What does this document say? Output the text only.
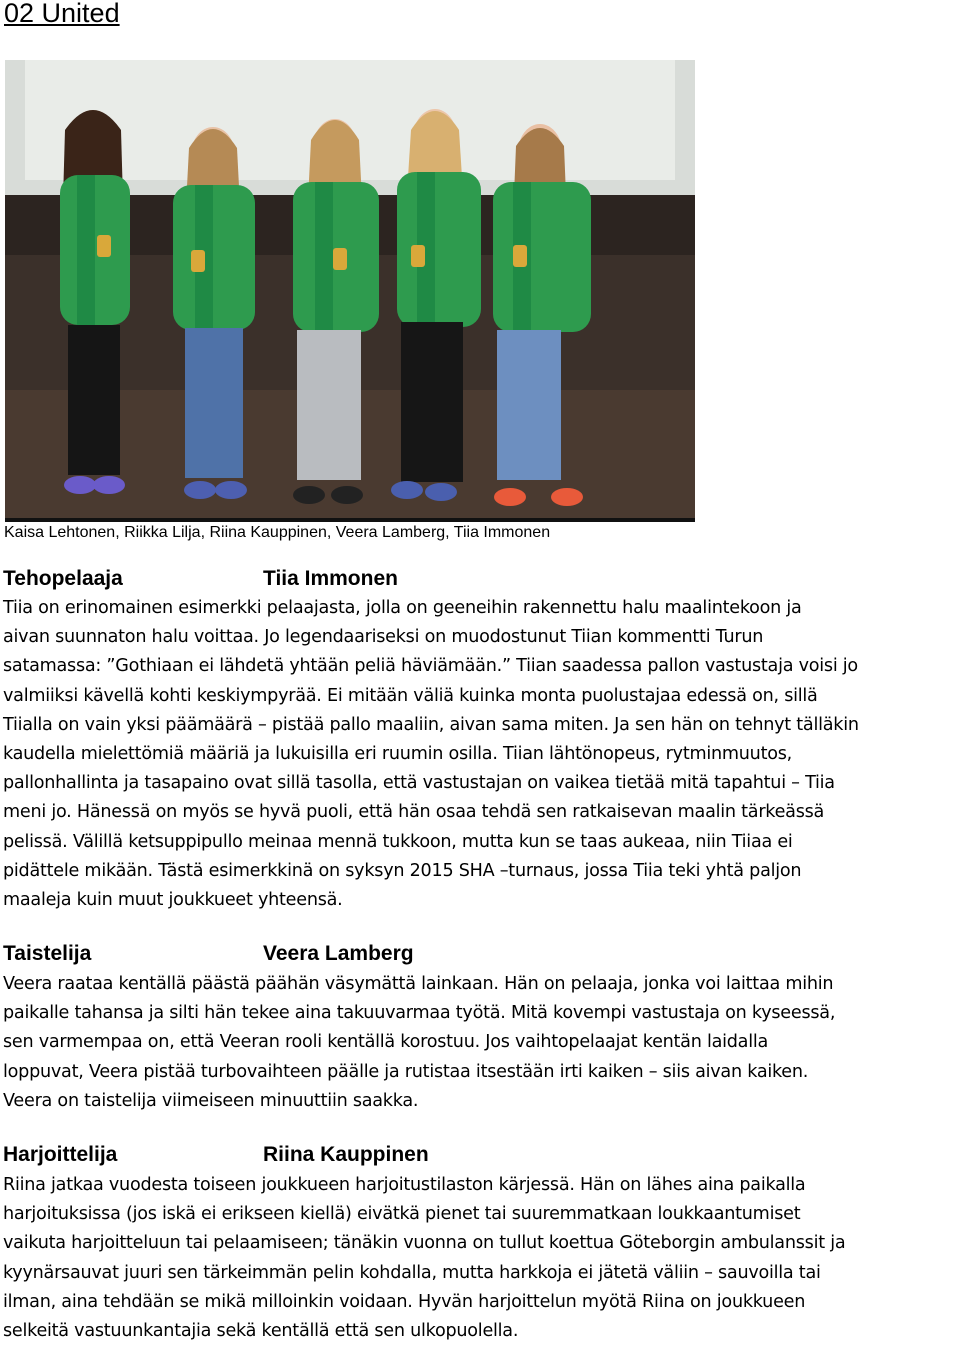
02 United

Kaisa Lehtonen, Riikka Lilja, Riina Kauppinen, Veera Lamberg, Tiia Immonen

Tehopelaaja	Tiia Immonen
Tiia on erinomainen esimerkki pelaajasta, jolla on geeneihin rakennettu halu maalintekoon ja
aivan suunnaton halu voittaa. Jo legendaariseksi on muodostunut Tiian kommentti Turun
satamassa: ”Gothiaan ei lähdetä yhtään peliä häviämään.” Tiian saadessa pallon vastustaja voisi jo
valmiiksi kävellä kohti keskiympyrää. Ei mitään väliä kuinka monta puolustajaa edessä on, sillä
Tiialla on vain yksi päämäärä – pistää pallo maaliin, aivan sama miten. Ja sen hän on tehnyt tälläkin
kaudella mielettömiä määriä ja lukuisilla eri ruumin osilla. Tiian lähtönopeus, rytminmuutos,
pallonhallinta ja tasapaino ovat sillä tasolla, että vastustajan on vaikea tietää mitä tapahtui – Tiia
meni jo. Hänessä on myös se hyvä puoli, että hän osaa tehdä sen ratkaisevan maalin tärkeässä
pelissä. Välillä ketsuppipullo meinaa mennä tukkoon, mutta kun se taas aukeaa, niin Tiiaa ei
pidättele mikään. Tästä esimerkkinä on syksyn 2015 SHA –turnaus, jossa Tiia teki yhtä paljon
maaleja kuin muut joukkueet yhteensä.
Taistelija	Veera Lamberg
Veera raataa kentällä päästä päähän väsymättä lainkaan. Hän on pelaaja, jonka voi laittaa mihin
paikalle tahansa ja silti hän tekee aina takuuvarmaa työtä. Mitä kovempi vastustaja on kyseessä,
sen varmempaa on, että Veeran rooli kentällä korostuu. Jos vaihtopelaajat kentän laidalla
loppuvat, Veera pistää turbovaihteen päälle ja rutistaa itsestään irti kaiken – siis aivan kaiken.
Veera on taistelija viimeiseen minuuttiin saakka.
Harjoittelija	Riina Kauppinen
Riina jatkaa vuodesta toiseen joukkueen harjoitustilaston kärjessä. Hän on lähes aina paikalla
harjoituksissa (jos iskä ei erikseen kiellä) eivätkä pienet tai suuremmatkaan loukkaantumiset
vaikuta harjoitteluun tai pelaamiseen; tänäkin vuonna on tullut koettua Göteborgin ambulanssit ja
kyynärsauvat juuri sen tärkeimmän pelin kohdalla, mutta harkkoja ei jätetä väliin – sauvoilla tai
ilman, aina tehdään se mikä milloinkin voidaan. Hyvän harjoittelun myötä Riina on joukkueen
selkeitä vastuunkantajia sekä kentällä että sen ulkopuolella.
